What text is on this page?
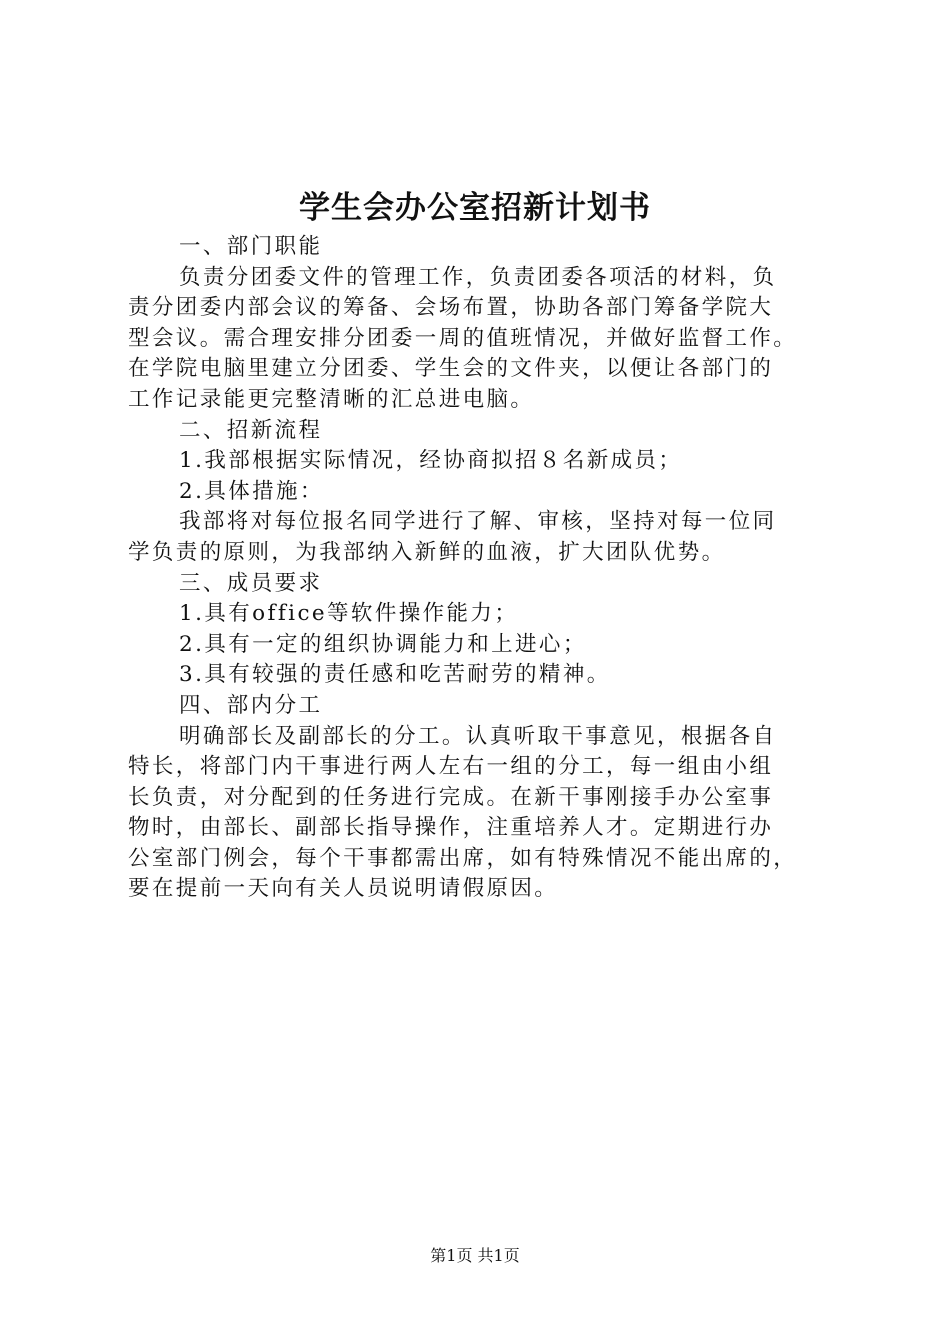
学生会办公室招新计划书
一、部门职能
负责分团委文件的管理工作，负责团委各项活的材料，负
责分团委内部会议的筹备、会场布置，协助各部门筹备学院大
型会议。需合理安排分团委一周的值班情况，并做好监督工作。
在学院电脑里建立分团委、学生会的文件夹，以便让各部门的
工作记录能更完整清晰的汇总进电脑。
二、招新流程
1.我部根据实际情况，经协商拟招８名新成员；
2.具体措施：
我部将对每位报名同学进行了解、审核，坚持对每一位同
学负责的原则，为我部纳入新鲜的血液，扩大团队优势。
三、成员要求
1.具有office等软件操作能力；
2.具有一定的组织协调能力和上进心；
3.具有较强的责任感和吃苦耐劳的精神。
四、部内分工
明确部长及副部长的分工。认真听取干事意见，根据各自
特长，将部门内干事进行两人左右一组的分工，每一组由小组
长负责，对分配到的任务进行完成。在新干事刚接手办公室事
物时，由部长、副部长指导操作，注重培养人才。定期进行办
公室部门例会，每个干事都需出席，如有特殊情况不能出席的，
要在提前一天向有关人员说明请假原因。
第1页 共1页
